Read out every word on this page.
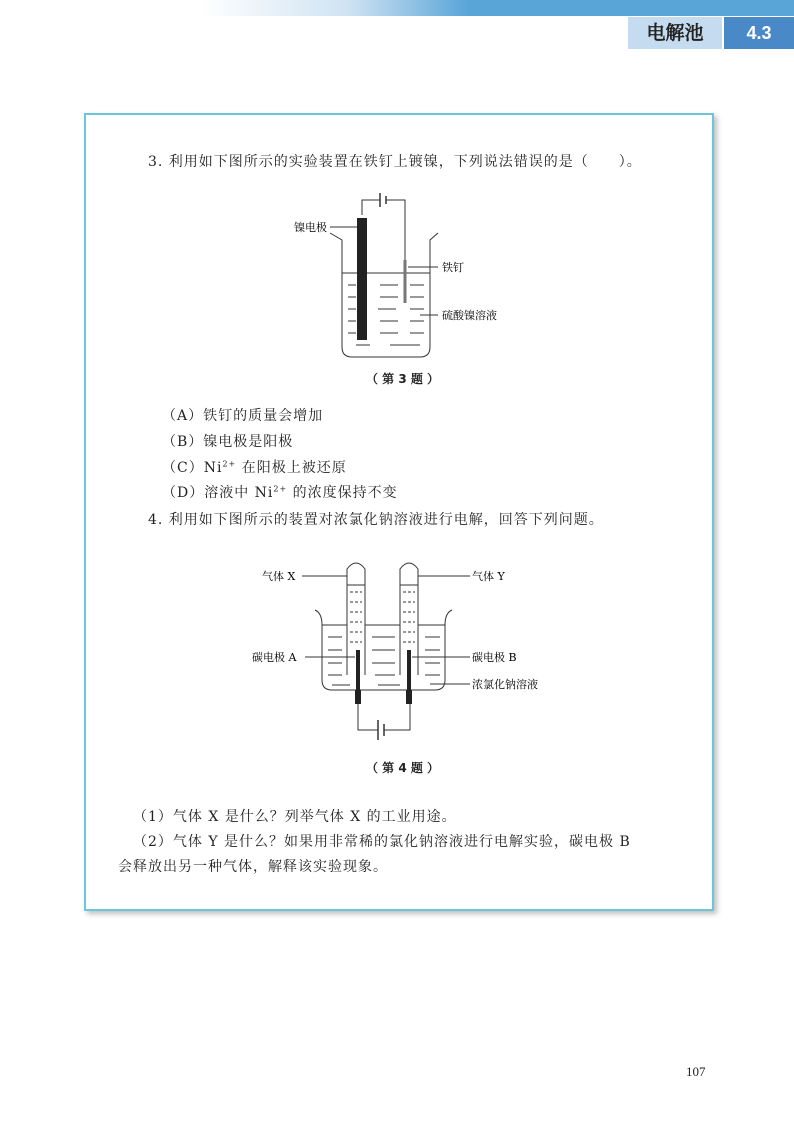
电解池	4.3
3. 利用如下图所示的实验装置在铁钉上镀镍，下列说法错误的是（　　）。
镍电极
铁钉
硫酸镍溶液
（ 第 3 题 ）
（A）铁钉的质量会增加
（B）镍电极是阳极
$(C)Ni^{2+}$ 在阳极上被还原
（D）溶液中 $Ni^{2+}$ 的浓度保持不变
4. 利用如下图所示的装置对浓氯化钠溶液进行电解，回答下列问题。
气体 X	气体 Y
碳电极 A	碳电极 B
浓氯化钠溶液
（ 第 4 题 ）
（1）气体 X 是什么？列举气体 X 的工业用途。
（2）气体 Y 是什么？如果用非常稀的氯化钠溶液进行电解实验，碳电极 B
会释放出另一种气体，解释该实验现象。
107
